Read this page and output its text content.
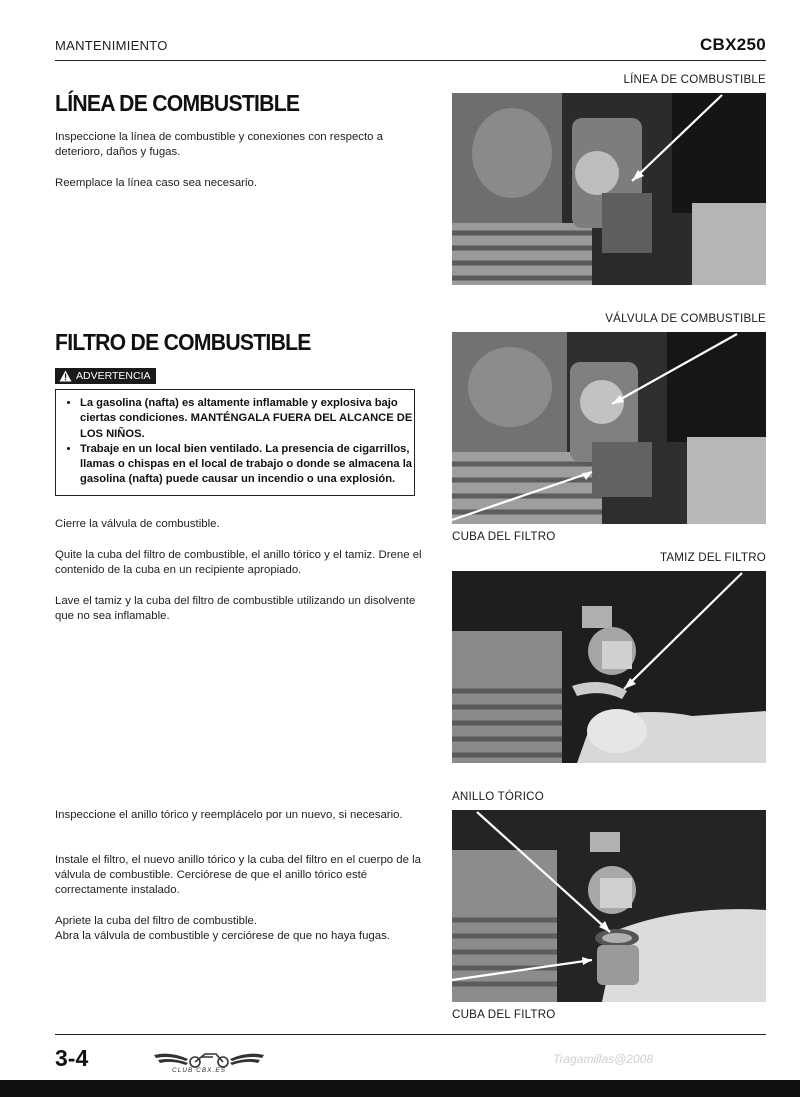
MANTENIMIENTO	CBX250
LÍNEA DE COMBUSTIBLE

Inspeccione la línea de combustible y conexiones con respecto a deterioro, daños y fugas.

Reemplace la línea caso sea necesario.

FILTRO DE COMBUSTIBLE
ADVERTENCIA
• La gasolina (nafta) es altamente inflamable y explosiva bajo ciertas condiciones. MANTÉNGALA FUERA DEL ALCANCE DE LOS NIÑOS.
• Trabaje en un local bien ventilado. La presencia de cigarrillos, llamas o chispas en el local de trabajo o donde se almacena la gasolina (nafta) puede causar un incendio o una explosión.

Cierre la válvula de combustible.

Quite la cuba del filtro de combustible, el anillo tórico y el tamiz. Drene el contenido de la cuba en un recipiente apropiado.

Lave el tamiz y la cuba del filtro de combustible utilizando un disolvente que no sea inflamable.

Inspeccione el anillo tórico y reemplácelo por un nuevo, si necesario.

Instale el filtro, el nuevo anillo tórico y la cuba del filtro en el cuerpo de la válvula de combustible. Cerciórese de que el anillo tórico esté correctamente instalado.

Apriete la cuba del filtro de combustible.
Abra la válvula de combustible y cerciórese de que no haya fugas.

LÍNEA DE COMBUSTIBLE
VÁLVULA DE COMBUSTIBLE
CUBA DEL FILTRO
TAMIZ DEL FILTRO
ANILLO TÓRICO
CUBA DEL FILTRO
3-4	CLUB CBX.ES
Tragamillas@2008
